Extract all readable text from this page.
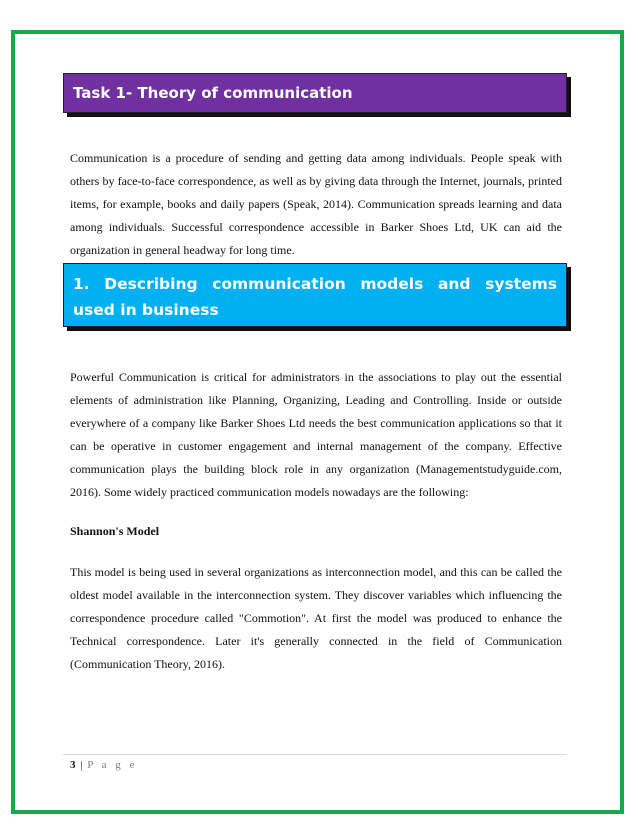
Task 1- Theory of communication

Communication is a procedure of sending and getting data among individuals. People speak with others by face-to-face correspondence, as well as by giving data through the Internet, journals, printed items, for example, books and daily papers (Speak, 2014). Communication spreads learning and data among individuals. Successful correspondence accessible in Barker Shoes Ltd, UK can aid the organization in general headway for long time.

1. Describing communication models and systems used in business

Powerful Communication is critical for administrators in the associations to play out the essential elements of administration like Planning, Organizing, Leading and Controlling. Inside or outside everywhere of a company like Barker Shoes Ltd needs the best communication applications so that it can be operative in customer engagement and internal management of the company. Effective communication plays the building block role in any organization (Managementstudyguide.com, 2016). Some widely practiced communication models nowadays are the following:

Shannon's Model

This model is being used in several organizations as interconnection model, and this can be called the oldest model available in the interconnection system. They discover variables which influencing the correspondence procedure called "Commotion". At first the model was produced to enhance the Technical correspondence. Later it's generally connected in the field of Communication (Communication Theory, 2016).

3 | P a g e
